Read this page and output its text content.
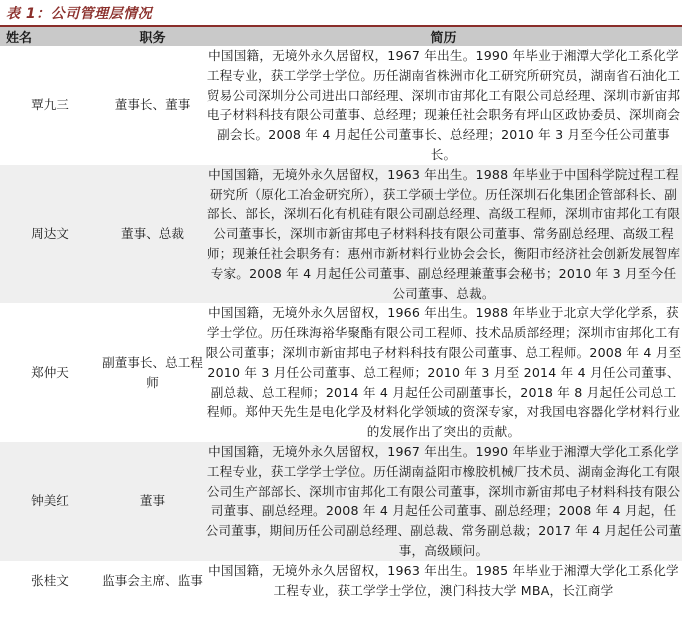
表 1：公司管理层情况
姓名	职务	简历
覃九三	董事长、董事	中国国籍，无境外永久居留权，1967 年出生。1990 年毕业于湘潭大学化工系化学工程专业，获工学学士学位。历任湖南省株洲市化工研究所研究员，湖南省石油化工贸易公司深圳分公司进出口部经理、深圳市宙邦化工有限公司总经理、深圳市新宙邦电子材料科技有限公司董事、总经理；现兼任社会职务有坪山区政协委员、深圳商会副会长。2008 年 4 月起任公司董事长、总经理；2010 年 3 月至今任公司董事长。
周达文	董事、总裁	中国国籍，无境外永久居留权，1963 年出生。1988 年毕业于中国科学院过程工程研究所（原化工冶金研究所），获工学硕士学位。历任深圳石化集团企管部科长、副部长、部长，深圳石化有机硅有限公司副总经理、高级工程师，深圳市宙邦化工有限公司董事长，深圳市新宙邦电子材料科技有限公司董事、常务副总经理、高级工程师；现兼任社会职务有：惠州市新材料行业协会会长，衡阳市经济社会创新发展智库专家。2008 年 4 月起任公司董事、副总经理兼董事会秘书；2010 年 3 月至今任公司董事、总裁。
郑仲天	副董事长、总工程师	中国国籍，无境外永久居留权，1966 年出生。1988 年毕业于北京大学化学系，获学士学位。历任珠海裕华聚酯有限公司工程师、技术品质部经理；深圳市宙邦化工有限公司董事；深圳市新宙邦电子材料科技有限公司董事、总工程师。2008 年 4 月至 2010 年 3 月任公司董事、总工程师；2010 年 3 月至 2014 年 4 月任公司董事、副总裁、总工程师；2014 年 4 月起任公司副董事长，2018 年 8 月起任公司总工程师。郑仲天先生是电化学及材料化学领域的资深专家，对我国电容器化学材料行业的发展作出了突出的贡献。
钟美红	董事	中国国籍，无境外永久居留权，1967 年出生。1990 年毕业于湘潭大学化工系化学工程专业，获工学学士学位。历任湖南益阳市橡胶机械厂技术员、湖南金海化工有限公司生产部部长、深圳市宙邦化工有限公司董事，深圳市新宙邦电子材料科技有限公司董事、副总经理。2008 年 4 月起任公司董事、副总经理；2008 年 4 月起，任公司董事，期间历任公司副总经理、副总裁、常务副总裁；2017 年 4 月起任公司董事，高级顾问。
张桂文	监事会主席、监事	中国国籍，无境外永久居留权，1963 年出生。1985 年毕业于湘潭大学化工系化学工程专业，获工学学士学位，澳门科技大学 MBA，长江商学
